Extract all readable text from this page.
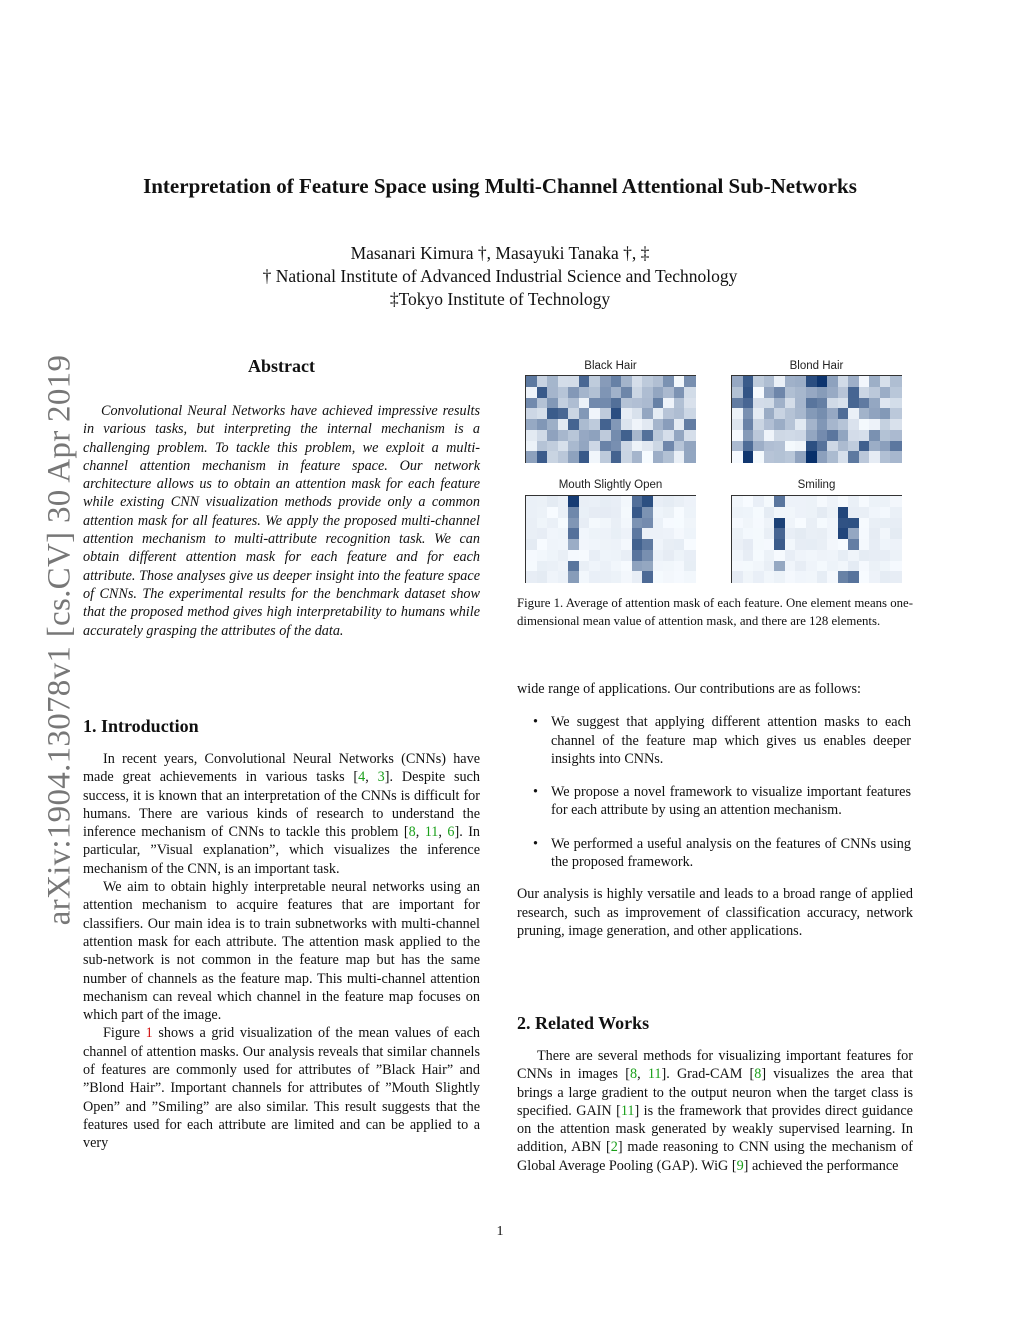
arXiv:1904.13078v1 [cs.CV] 30 Apr 2019
Interpretation of Feature Space using Multi-Channel Attentional Sub-Networks
Masanari Kimura †, Masayuki Tanaka †, ‡
† National Institute of Advanced Industrial Science and Technology
‡Tokyo Institute of Technology
Abstract

Convolutional Neural Networks have achieved impressive results in various tasks, but interpreting the internal mechanism is a challenging problem. To tackle this problem, we exploit a multi-channel attention mechanism in feature space. Our network architecture allows us to obtain an attention mask for each feature while existing CNN visualization methods provide only a common attention mask for all features. We apply the proposed multi-channel attention mechanism to multi-attribute recognition task. We can obtain different attention mask for each feature and for each attribute. Those analyses give us deeper insight into the feature space of CNNs. The experimental results for the benchmark dataset show that the proposed method gives high interpretability to humans while accurately grasping the attributes of the data.

1. Introduction

In recent years, Convolutional Neural Networks (CNNs) have made great achievements in various tasks [4, 3]. Despite such success, it is known that an interpretation of the CNNs is difficult for humans. There are various kinds of research to understand the inference mechanism of CNNs to tackle this problem [8, 11, 6]. In particular, ”Visual explanation”, which visualizes the inference mechanism of the CNN, is an important task.

We aim to obtain highly interpretable neural networks using an attention mechanism to acquire features that are important for classifiers. Our main idea is to train subnetworks with multi-channel attention mask for each attribute. The attention mask applied to the sub-network is not common in the feature map but has the same number of channels as the feature map. This multi-channel attention mechanism can reveal which channel in the feature map focuses on which part of the image.

Figure 1 shows a grid visualization of the mean values of each channel of attention masks. Our analysis reveals that similar channels of features are commonly used for attributes of ”Black Hair” and ”Blond Hair”. Important channels for attributes of ”Mouth Slightly Open” and ”Smiling” are also similar. This result suggests that the features used for each attribute are limited and can be applied to a very

Black Hair	Blond Hair
Mouth Slightly Open	Smiling
Figure 1. Average of attention mask of each feature. One element means one-dimensional mean value of attention mask, and there are 128 elements.

wide range of applications. Our contributions are as follows:

• We suggest that applying different attention masks to each channel of the feature map which gives us enables deeper insights into CNNs.
• We propose a novel framework to visualize important features for each attribute by using an attention mechanism.
• We performed a useful analysis on the features of CNNs using the proposed framework.

Our analysis is highly versatile and leads to a broad range of applied research, such as improvement of classification accuracy, network pruning, image generation, and other applications.

2. Related Works

There are several methods for visualizing important features for CNNs in images [8, 11]. Grad-CAM [8] visualizes the area that brings a large gradient to the output neuron when the target class is specified. GAIN [11] is the framework that provides direct guidance on the attention mask generated by weakly supervised learning. In addition, ABN [2] made reasoning to CNN using the mechanism of Global Average Pooling (GAP). WiG [9] achieved the performance

1
